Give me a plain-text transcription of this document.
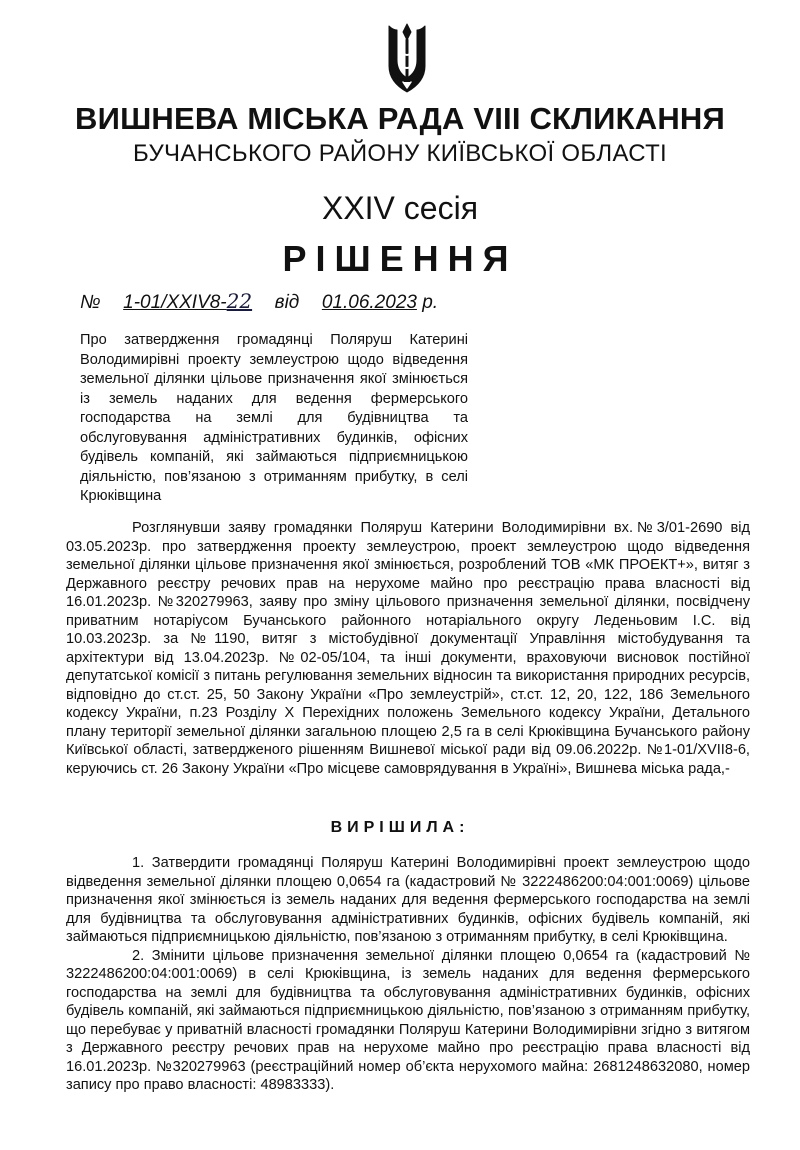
ВИШНЕВА МІСЬКА РАДА VIII СКЛИКАННЯ
БУЧАНСЬКОГО РАЙОНУ КИЇВСЬКОЇ ОБЛАСТІ
XXIV сесія
РІШЕННЯ
№ 1-01/XXIV8-22 від 01.06.2023 р.
Про затвердження громадянці Поляруш Катерині Володимирівні проекту землеустрою щодо відведення земельної ділянки цільове призначення якої змінюється із земель наданих для ведення фермерського господарства на землі для будівництва та обслуговування адміністративних будинків, офісних будівель компаній, які займаються підприємницькою діяльністю, пов’язаною з отриманням прибутку, в селі Крюківщина
Розглянувши заяву громадянки Поляруш Катерини Володимирівни вх.№3/01-2690 від 03.05.2023р. про затвердження проекту землеустрою, проект землеустрою щодо відведення земельної ділянки цільове призначення якої змінюється, розроблений ТОВ «МК ПРОЕКТ+», витяг з Державного реєстру речових прав на нерухоме майно про реєстрацію права власності від 16.01.2023р. №320279963, заяву про зміну цільового призначення земельної ділянки, посвідчену приватним нотаріусом Бучанського районного нотаріального округу Леденьовим І.С. від 10.03.2023р. за №1190, витяг з містобудівної документації Управління містобудування та архітектури від 13.04.2023р. №02-05/104, та інші документи, враховуючи висновок постійної депутатської комісії з питань регулювання земельних відносин та використання природних ресурсів, відповідно до ст.ст. 25, 50 Закону України «Про землеустрій», ст.ст. 12, 20, 122, 186 Земельного кодексу України, п.23 Розділу Х Перехідних положень Земельного кодексу України, Детального плану території земельної ділянки загальною площею 2,5 га в селі Крюківщина Бучанського району Київської області, затвердженого рішенням Вишневої міської ради від 09.06.2022р. №1-01/XVII8-6, керуючись ст. 26 Закону України «Про місцеве самоврядування в Україні», Вишнева міська рада,-
ВИРІШИЛА:

1. Затвердити громадянці Поляруш Катерині Володимирівні проект землеустрою щодо відведення земельної ділянки площею 0,0654 га (кадастровий № 3222486200:04:001:0069) цільове призначення якої змінюється із земель наданих для ведення фермерського господарства на землі для будівництва та обслуговування адміністративних будинків, офісних будівель компаній, які займаються підприємницькою діяльністю, пов’язаною з отриманням прибутку, в селі Крюківщина.

2. Змінити цільове призначення земельної ділянки площею 0,0654 га (кадастровий № 3222486200:04:001:0069) в селі Крюківщина, із земель наданих для ведення фермерського господарства на землі для будівництва та обслуговування адміністративних будинків, офісних будівель компаній, які займаються підприємницькою діяльністю, пов’язаною з отриманням прибутку, що перебуває у приватній власності громадянки Поляруш Катерини Володимирівни згідно з витягом з Державного реєстру речових прав на нерухоме майно про реєстрацію права власності від 16.01.2023р. №320279963 (реєстраційний номер об’єкта нерухомого майна: 2681248632080, номер запису про право власності: 48983333).
